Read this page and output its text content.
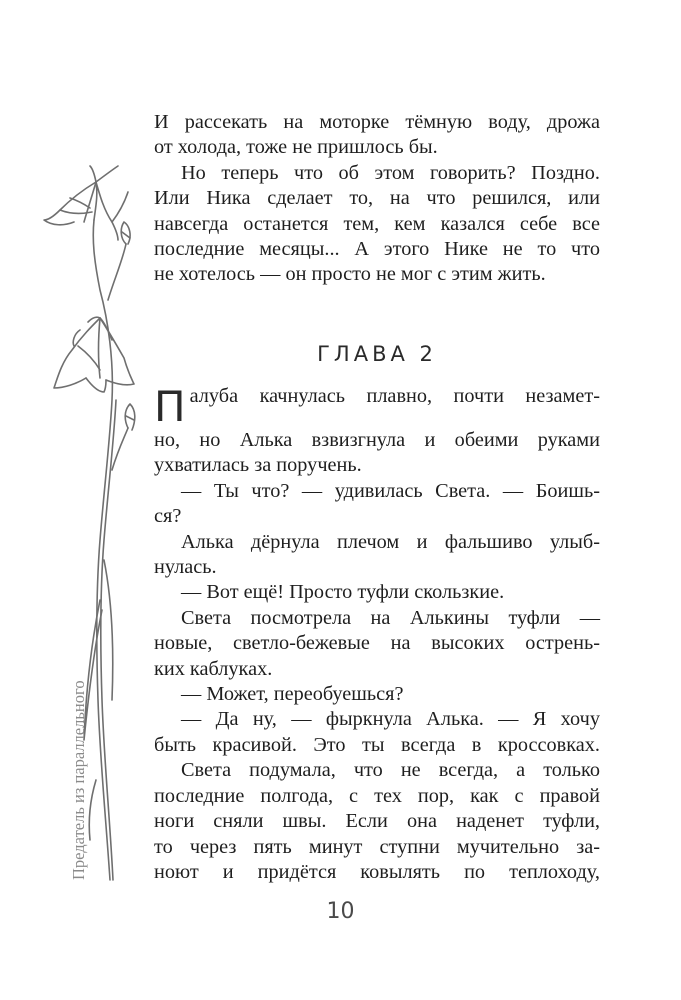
Предатель из параллельного

И рассекать на моторке тёмную воду, дрожа

от холода, тоже не пришлось бы.

Но теперь что об этом говорить? Поздно.

Или Ника сделает то, на что решился, или

навсегда останется тем, кем казался себе все

последние месяцы... А этого Нике не то что

не хотелось — он просто не мог с этим жить.

ГЛАВА 2
П алуба качнулась плавно, почти незамет-

но, но Алька взвизгнула и обеими руками

ухватилась за поручень.

— Ты что? — удивилась Света. — Боишь-

ся?

Алька дёрнула плечом и фальшиво улыб-

нулась.

— Вот ещё! Просто туфли скользкие.

Света посмотрела на Алькины туфли —

новые, светло-бежевые на высоких острень-

ких каблуках.

— Может, переобуешься?

— Да ну, — фыркнула Алька. — Я хочу

быть красивой. Это ты всегда в кроссовках.

Света подумала, что не всегда, а только

последние полгода, с тех пор, как с правой

ноги сняли швы. Если она наденет туфли,

то через пять минут ступни мучительно за-

ноют и придётся ковылять по теплоходу,

10
